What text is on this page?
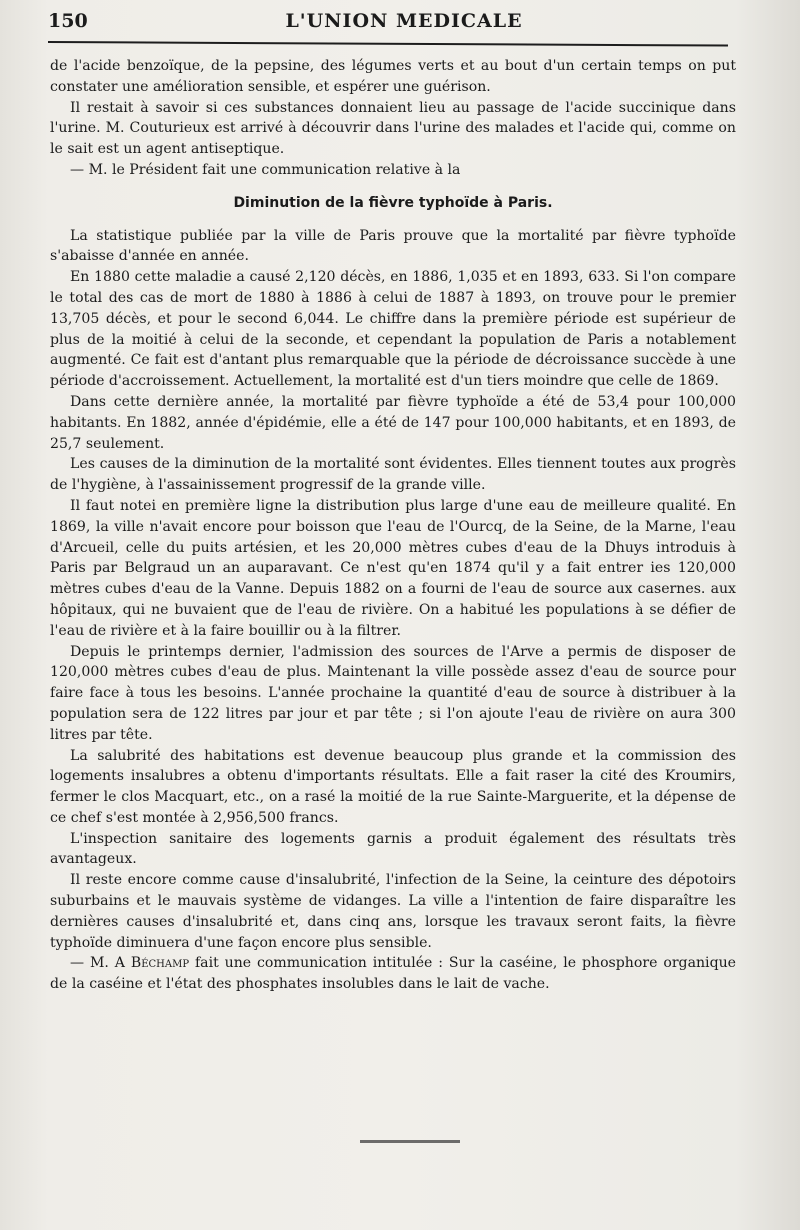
150	L'UNION MEDICALE

de l'acide benzoïque, de la pepsine, des légumes verts et au bout d'un certain temps on put constater une amélioration sensible, et espérer une guérison.

Il restait à savoir si ces substances donnaient lieu au passage de l'acide succinique dans l'urine. M. Couturieux est arrivé à découvrir dans l'urine des malades et l'acide qui, comme on le sait est un agent antiseptique.

— M. le Président fait une communication relative à la

Diminution de la fièvre typhoïde à Paris.

La statistique publiée par la ville de Paris prouve que la mortalité par fièvre typhoïde s'abaisse d'année en année.

En 1880 cette maladie a causé 2,120 décès, en 1886, 1,035 et en 1893, 633. Si l'on compare le total des cas de mort de 1880 à 1886 à celui de 1887 à 1893, on trouve pour le premier 13,705 décès, et pour le second 6,044. Le chiffre dans la première période est supérieur de plus de la moitié à celui de la seconde, et cependant la population de Paris a notablement augmenté. Ce fait est d'antant plus remarquable que la période de décroissance succède à une période d'accroissement. Actuellement, la mortalité est d'un tiers moindre que celle de 1869.

Dans cette dernière année, la mortalité par fièvre typhoïde a été de 53,4 pour 100,000 habitants. En 1882, année d'épidémie, elle a été de 147 pour 100,000 habitants, et en 1893, de 25,7 seulement.

Les causes de la diminution de la mortalité sont évidentes. Elles tiennent toutes aux progrès de l'hygiène, à l'assainissement progressif de la grande ville.

Il faut notei en première ligne la distribution plus large d'une eau de meilleure qualité. En 1869, la ville n'avait encore pour boisson que l'eau de l'Ourcq, de la Seine, de la Marne, l'eau d'Arcueil, celle du puits artésien, et les 20,000 mètres cubes d'eau de la Dhuys introduis à Paris par Belgraud un an auparavant. Ce n'est qu'en 1874 qu'il y a fait entrer ies 120,000 mètres cubes d'eau de la Vanne. Depuis 1882 on a fourni de l'eau de source aux casernes. aux hôpitaux, qui ne buvaient que de l'eau de rivière. On a habitué les populations à se défier de l'eau de rivière et à la faire bouillir ou à la filtrer.

Depuis le printemps dernier, l'admission des sources de l'Arve a permis de disposer de 120,000 mètres cubes d'eau de plus. Maintenant la ville possède assez d'eau de source pour faire face à tous les besoins. L'année prochaine la quantité d'eau de source à distribuer à la population sera de 122 litres par jour et par tête ; si l'on ajoute l'eau de rivière on aura 300 litres par tête.

La salubrité des habitations est devenue beaucoup plus grande et la commission des logements insalubres a obtenu d'importants résultats. Elle a fait raser la cité des Kroumirs, fermer le clos Macquart, etc., on a rasé la moitié de la rue Sainte-Marguerite, et la dépense de ce chef s'est montée à 2,956,500 francs.

L'inspection sanitaire des logements garnis a produit également des résultats très avantageux.

Il reste encore comme cause d'insalubrité, l'infection de la Seine, la ceinture des dépotoirs suburbains et le mauvais système de vidanges. La ville a l'intention de faire disparaître les dernières causes d'insalubrité et, dans cinq ans, lorsque les travaux seront faits, la fièvre typhoïde diminuera d'une façon encore plus sensible.

— M. A Béchamp fait une communication intitulée : Sur la caséine, le phosphore organique de la caséine et l'état des phosphates insolubles dans le lait de vache.
